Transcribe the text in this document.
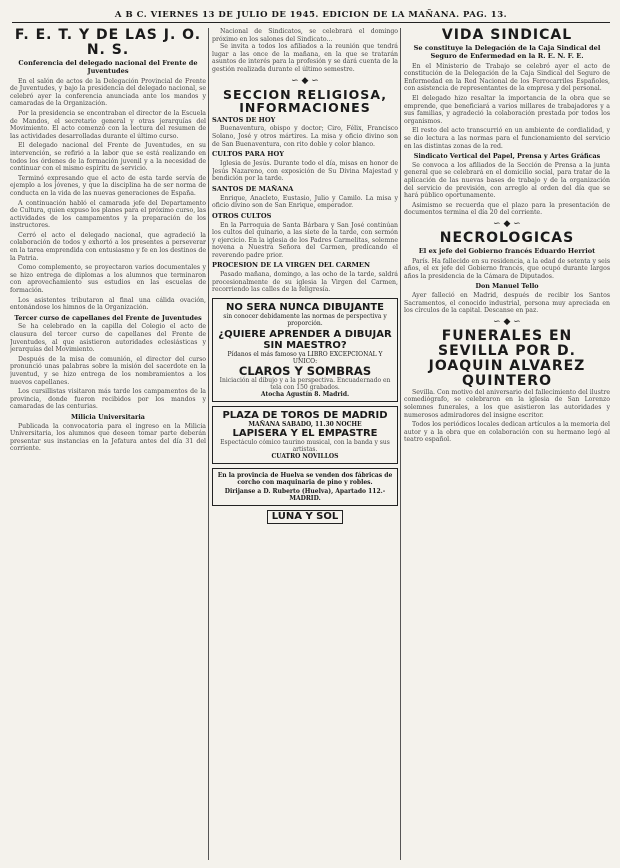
A B C. VIERNES 13 DE JULIO DE 1945. EDICION DE LA MAÑANA. PAG. 13.
F. E. T. Y DE LAS J. O. N. S.
Conferencia del delegado nacional del Frente de Juventudes

En el salón de actos de la Delegación Provincial de Frente de Juventudes, y bajo la presidencia del delegado nacional, se celebró ayer la conferencia anunciada ante los mandos y camaradas de la Organización.

Por la presidencia se encontraban el director de la Escuela de Mandos, el secretario general y otras jerarquías del Movimiento. El acto comenzó con la lectura del resumen de las actividades desarrolladas durante el último curso.

El delegado nacional del Frente de Juventudes, en su intervención, se refirió a la labor que se está realizando en todos los órdenes de la formación juvenil y a la necesidad de continuar con el mismo espíritu de servicio.

Terminó expresando que el acto de esta tarde servía de ejemplo a los jóvenes, y que la disciplina ha de ser norma de conducta en la vida de las nuevas generaciones de España.

A continuación habló el camarada jefe del Departamento de Cultura, quien expuso los planes para el próximo curso, las actividades de los campamentos y la preparación de los instructores.

Cerró el acto el delegado nacional, que agradeció la colaboración de todos y exhortó a los presentes a perseverar en la tarea emprendida con entusiasmo y fe en los destinos de la Patria.

Como complemento, se proyectaron varios documentales y se hizo entrega de diplomas a los alumnos que terminaron con aprovechamiento sus estudios en las escuelas de formación.

Los asistentes tributaron al final una cálida ovación, entonándose los himnos de la Organización.

Tercer curso de capellanes del Frente de Juventudes

Se ha celebrado en la capilla del Colegio el acto de clausura del tercer curso de capellanes del Frente de Juventudes, al que asistieron autoridades eclesiásticas y jerarquías del Movimiento.

Después de la misa de comunión, el director del curso pronunció unas palabras sobre la misión del sacerdote en la juventud, y se hizo entrega de los nombramientos a los nuevos capellanes.

Los cursillistas visitaron más tarde los campamentos de la provincia, donde fueron recibidos por los mandos y camaradas de las centurias.

Milicia Universitaria

Publicada la convocatoria para el ingreso en la Milicia Universitaria, los alumnos que deseen tomar parte deberán presentar sus instancias en la Jefatura antes del día 31 del corriente.

Nacional de Sindicatos, se celebrará el domingo próximo en los salones del Sindicato...

Se invita a todos los afiliados a la reunión que tendrá lugar a las once de la mañana, en la que se tratarán asuntos de interés para la profesión y se dará cuenta de la gestión realizada durante el último semestre.

∽ ◆ ∽
SECCION RELIGIOSA, INFORMACIONES
SANTOS DE HOY

Buenaventura, obispo y doctor; Ciro, Félix, Francisco Solano, José y otros mártires. La misa y oficio divino son de San Buenaventura, con rito doble y color blanco.

CULTOS PARA HOY

Iglesia de Jesús. Durante todo el día, misas en honor de Jesús Nazareno, con exposición de Su Divina Majestad y bendición por la tarde.

SANTOS DE MAÑANA

Enrique, Anacleto, Eustasio, Julio y Camilo. La misa y oficio divino son de San Enrique, emperador.

OTROS CULTOS

En la Parroquia de Santa Bárbara y San José continúan los cultos del quinario, a las siete de la tarde, con sermón y ejercicio. En la iglesia de los Padres Carmelitas, solemne novena a Nuestra Señora del Carmen, predicando el reverendo padre prior.

PROCESION DE LA VIRGEN DEL CARMEN

Pasado mañana, domingo, a las ocho de la tarde, saldrá procesionalmente de su iglesia la Virgen del Carmen, recorriendo las calles de la feligresía.

NO SERA NUNCA DIBUJANTE
sin conocer debidamente las normas de perspectiva y proporción.
¿QUIERE APRENDER A DIBUJAR SIN MAESTRO?
Pídanos el más famoso ya LIBRO EXCEPCIONAL Y UNICO:
CLAROS Y SOMBRAS
Iniciación al dibujo y a la perspectiva. Encuadernado en tela con 150 grabados.
Atocha Agustín 8. Madrid.
PLAZA DE TOROS DE MADRID
MAÑANA SABADO, 11.30 NOCHE
LAPISERA Y EL EMPASTRE
Espectáculo cómico taurino musical, con la banda y sus artistas.
CUATRO NOVILLOS
En la provincia de Huelva se venden dos fábricas de corcho con maquinaria de pino y robles.
Dirijanse a D. Ruberto (Huelva), Apartado 112.-MADRID.
LUNA Y SOL
VIDA SINDICAL
Se constituye la Delegación de la Caja Sindical del Seguro de Enfermedad en la R. E. N. F. E.

En el Ministerio de Trabajo se celebró ayer el acto de constitución de la Delegación de la Caja Sindical del Seguro de Enfermedad en la Red Nacional de los Ferrocarriles Españoles, con asistencia de representantes de la empresa y del personal.

El delegado hizo resaltar la importancia de la obra que se emprende, que beneficiará a varios millares de trabajadores y a sus familias, y agradeció la colaboración prestada por todos los organismos.

El resto del acto transcurrió en un ambiente de cordialidad, y se dio lectura a las normas para el funcionamiento del servicio en las distintas zonas de la red.

Sindicato Vertical del Papel, Prensa y Artes Gráficas

Se convoca a los afiliados de la Sección de Prensa a la junta general que se celebrará en el domicilio social, para tratar de la aplicación de las nuevas bases de trabajo y de la organización del servicio de previsión, con arreglo al orden del día que se hará público oportunamente.

Asimismo se recuerda que el plazo para la presentación de documentos termina el día 20 del corriente.

∽ ◆ ∽
NECROLOGICAS
El ex jefe del Gobierno francés Eduardo Herriot

París. Ha fallecido en su residencia, a la edad de setenta y seis años, el ex jefe del Gobierno francés, que ocupó durante largos años la presidencia de la Cámara de Diputados.

Don Manuel Tello

Ayer falleció en Madrid, después de recibir los Santos Sacramentos, el conocido industrial, persona muy apreciada en los círculos de la capital. Descanse en paz.

∽ ◆ ∽
FUNERALES EN SEVILLA POR D. JOAQUIN ALVAREZ QUINTERO

Sevilla. Con motivo del aniversario del fallecimiento del ilustre comediógrafo, se celebraron en la iglesia de San Lorenzo solemnes funerales, a los que asistieron las autoridades y numerosos admiradores del insigne escritor.

Todos los periódicos locales dedican artículos a la memoria del autor y a la obra que en colaboración con su hermano legó al teatro español.
